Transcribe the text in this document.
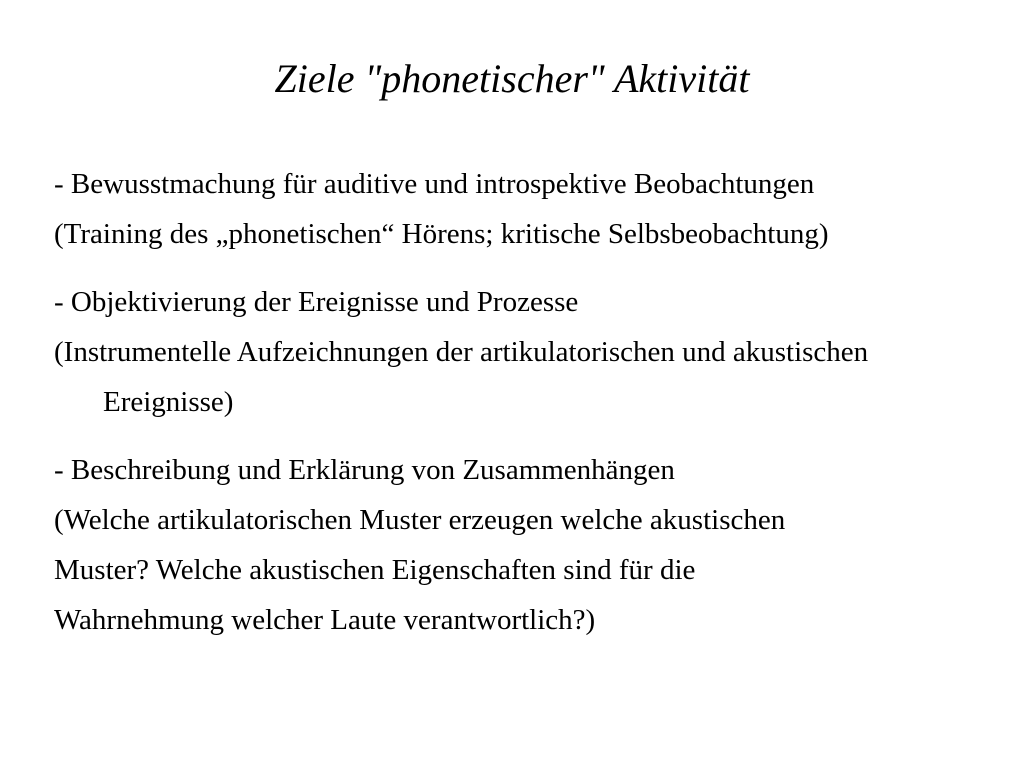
Ziele "phonetischer" Aktivität
- Bewusstmachung für auditive und introspektive Beobachtungen
(Training des „phonetischen“ Hörens; kritische Selbsbeobachtung)
- Objektivierung der Ereignisse und Prozesse
(Instrumentelle Aufzeichnungen der artikulatorischen und akustischen
Ereignisse)
- Beschreibung und Erklärung von Zusammenhängen
(Welche artikulatorischen Muster erzeugen welche akustischen
Muster? Welche akustischen Eigenschaften sind für die
Wahrnehmung welcher Laute verantwortlich?)
